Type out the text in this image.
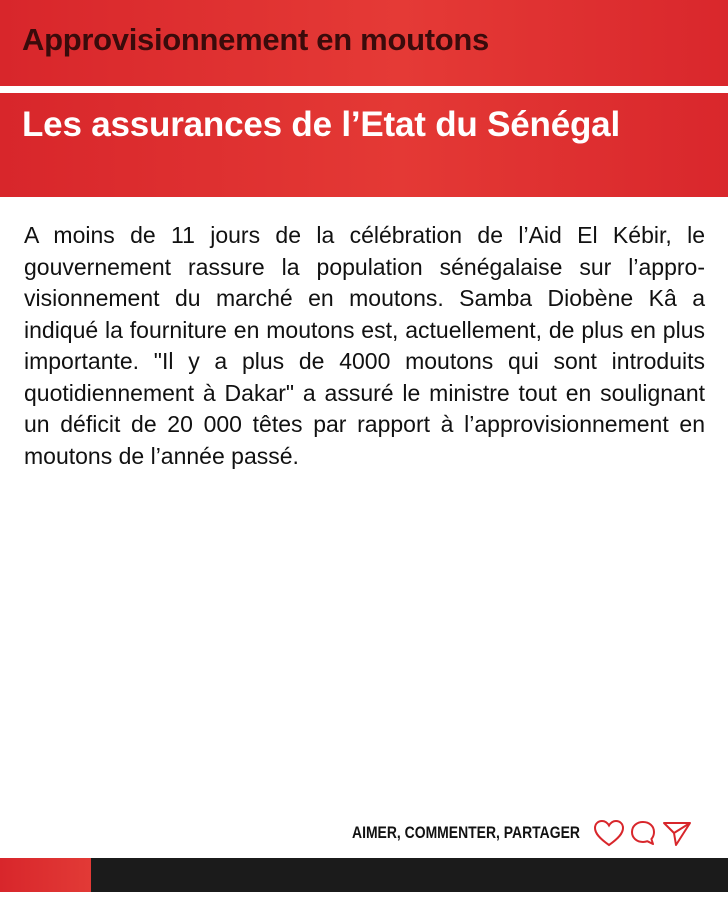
Approvisionnement en moutons
Les assurances de l’Etat du Sénégal
A moins de 11 jours de la célébration de l’Aid El Kébir, le gouvernement rassure la population sénégalaise sur l’approvisionnement du marché en moutons. Samba Diobène Kâ a indiqué la fourniture en moutons est, actuellement, de plus en plus importante. "Il y a plus de 4000 moutons qui sont introduits quotidiennement à Dakar" a assuré le ministre tout en soulignant un déficit de 20 000 têtes par rapport à l’approvisionnement en moutons de l’année passé.
AIMER, COMMENTER, PARTAGER
